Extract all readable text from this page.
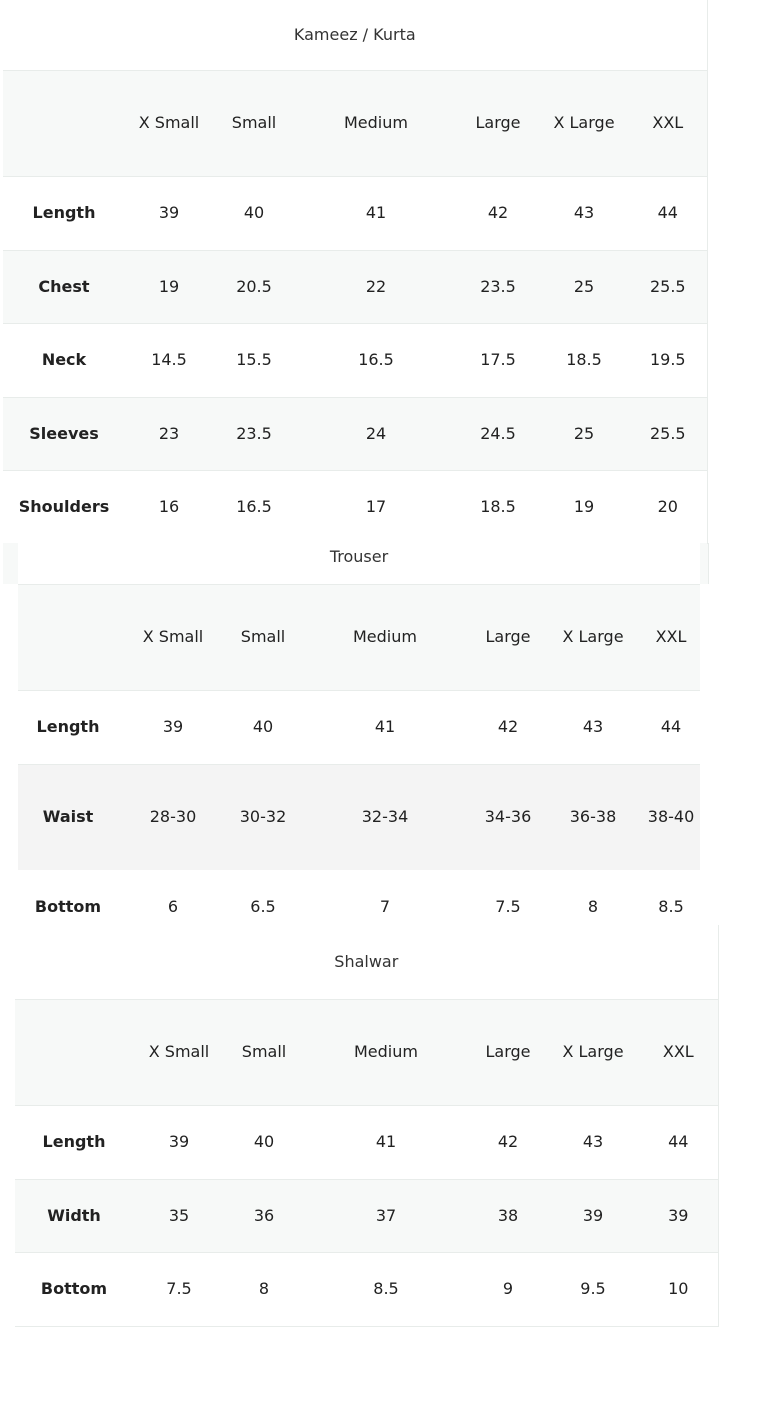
Kameez / Kurta						
	X Small	Small	Medium	Large	X Large	XXL
Length	39	40	41	42	43	44
Chest	19	20.5	22	23.5	25	25.5
Neck	14.5	15.5	16.5	17.5	18.5	19.5
Sleeves	23	23.5	24	24.5	25	25.5
Shoulders	16	16.5	17	18.5	19	20
Trouser						
	X Small	Small	Medium	Large	X Large	XXL
Length	39	40	41	42	43	44
Waist	28-30	30-32	32-34	34-36	36-38	38-40
Bottom	6	6.5	7	7.5	8	8.5
Shalwar						
	X Small	Small	Medium	Large	X Large	XXL
Length	39	40	41	42	43	44
Width	35	36	37	38	39	39
Bottom	7.5	8	8.5	9	9.5	10
